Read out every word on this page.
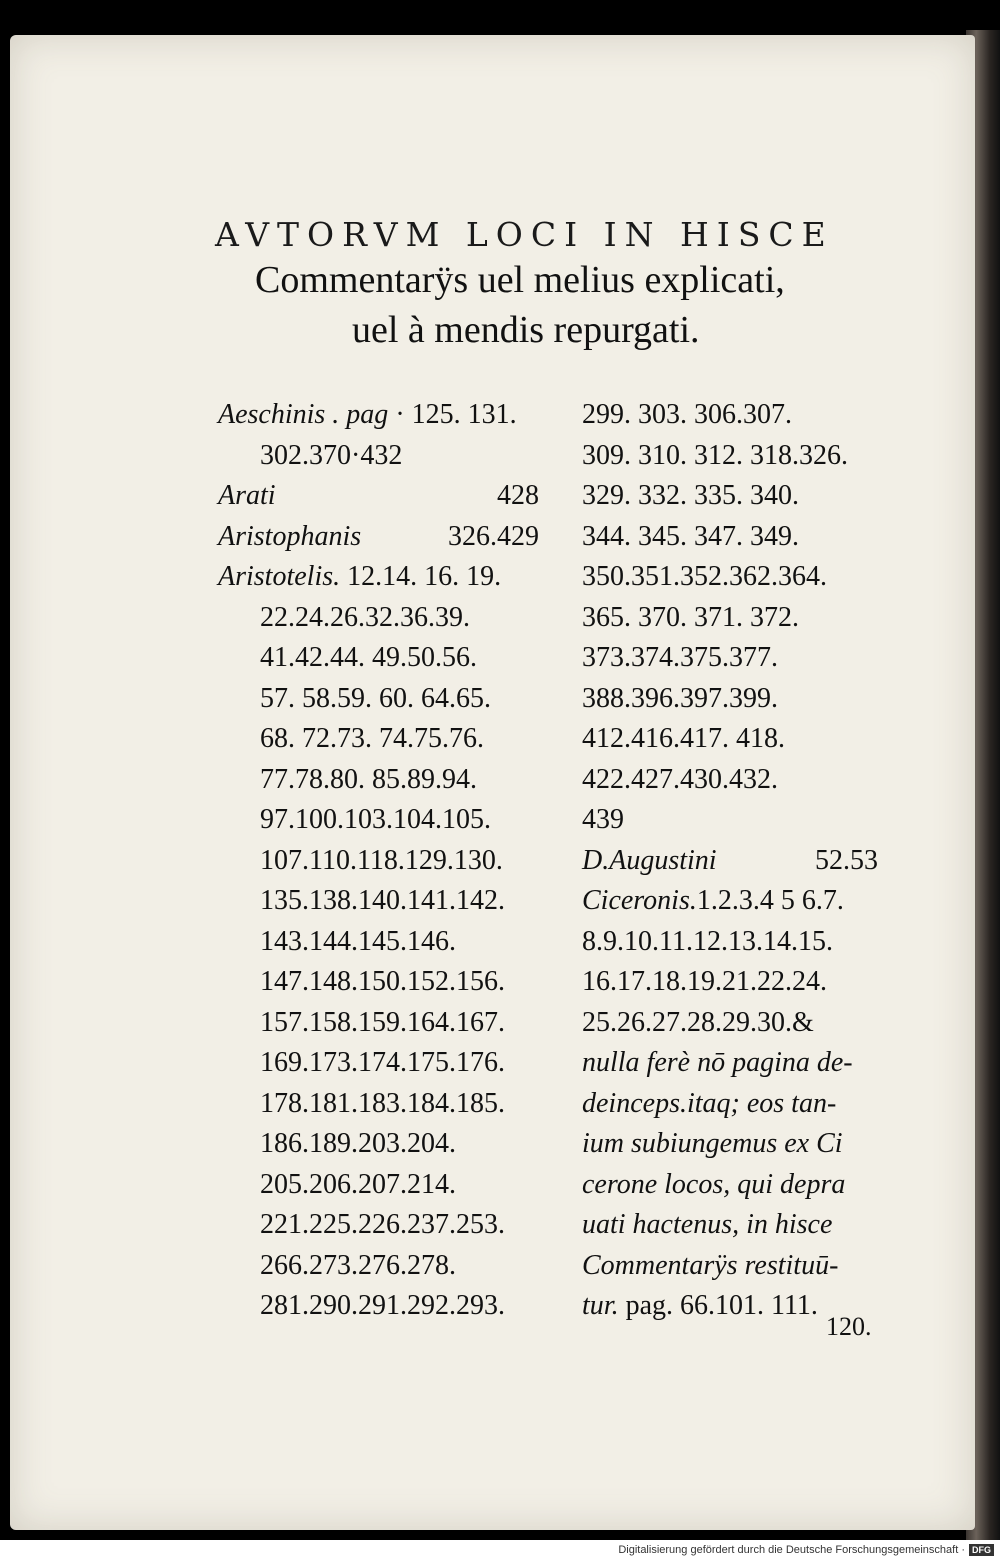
AVTORVM LOCI IN HISCE
Commentarÿs uel melius explicati,
uel à mendis repurgati.
Aeschinis . pag · 125. 131.
302.370·432
Arati	428
Aristophanis	326.429
Aristotelis. 12.14. 16. 19.
22.24.26.32.36.39.
41.42.44. 49.50.56.
57. 58.59. 60. 64.65.
68. 72.73. 74.75.76.
77.78.80. 85.89.94.
97.100.103.104.105.
107.110.118.129.130.
135.138.140.141.142.
143.144.145.146.
147.148.150.152.156.
157.158.159.164.167.
169.173.174.175.176.
178.181.183.184.185.
186.189.203.204.
205.206.207.214.
221.225.226.237.253.
266.273.276.278.
281.290.291.292.293.
299. 303. 306.307.
309. 310. 312. 318.326.
329. 332. 335. 340.
344. 345. 347. 349.
350.351.352.362.364.
365. 370. 371. 372.
373.374.375.377.
388.396.397.399.
412.416.417. 418.
422.427.430.432.
439
D.Augustini	52.53
Ciceronis.1.2.3.4 5 6.7.
8.9.10.11.12.13.14.15.
16.17.18.19.21.22.24.
25.26.27.28.29.30.&
nulla ferè nō pagina de-
deinceps.itaq; eos tan-
ium subiungemus ex Ci
cerone locos, qui depra
uati hactenus, in hisce
Commentarÿs restituū-
tur. pag. 66.101. 111.
120.
Digitalisierung gefördert durch die Deutsche Forschungsgemeinschaft · DFG
